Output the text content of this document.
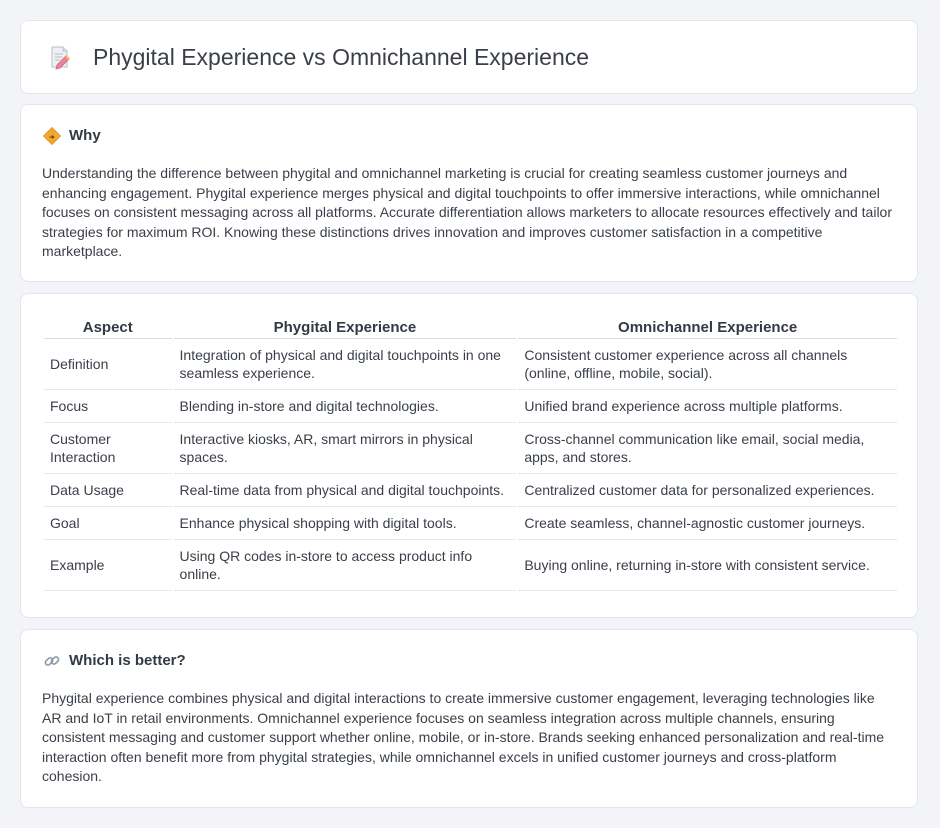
Phygital Experience vs Omnichannel Experience
Why

Understanding the difference between phygital and omnichannel marketing is crucial for creating seamless customer journeys and enhancing engagement. Phygital experience merges physical and digital touchpoints to offer immersive interactions, while omnichannel focuses on consistent messaging across all platforms. Accurate differentiation allows marketers to allocate resources effectively and tailor strategies for maximum ROI. Knowing these distinctions drives innovation and improves customer satisfaction in a competitive marketplace.

Aspect	Phygital Experience	Omnichannel Experience
Definition	Integration of physical and digital touchpoints in one seamless experience.	Consistent customer experience across all channels (online, offline, mobile, social).
Focus	Blending in-store and digital technologies.	Unified brand experience across multiple platforms.
Customer Interaction	Interactive kiosks, AR, smart mirrors in physical spaces.	Cross-channel communication like email, social media, apps, and stores.
Data Usage	Real-time data from physical and digital touchpoints.	Centralized customer data for personalized experiences.
Goal	Enhance physical shopping with digital tools.	Create seamless, channel-agnostic customer journeys.
Example	Using QR codes in-store to access product info online.	Buying online, returning in-store with consistent service.
Which is better?

Phygital experience combines physical and digital interactions to create immersive customer engagement, leveraging technologies like AR and IoT in retail environments. Omnichannel experience focuses on seamless integration across multiple channels, ensuring consistent messaging and customer support whether online, mobile, or in-store. Brands seeking enhanced personalization and real-time interaction often benefit more from phygital strategies, while omnichannel excels in unified customer journeys and cross-platform cohesion.
